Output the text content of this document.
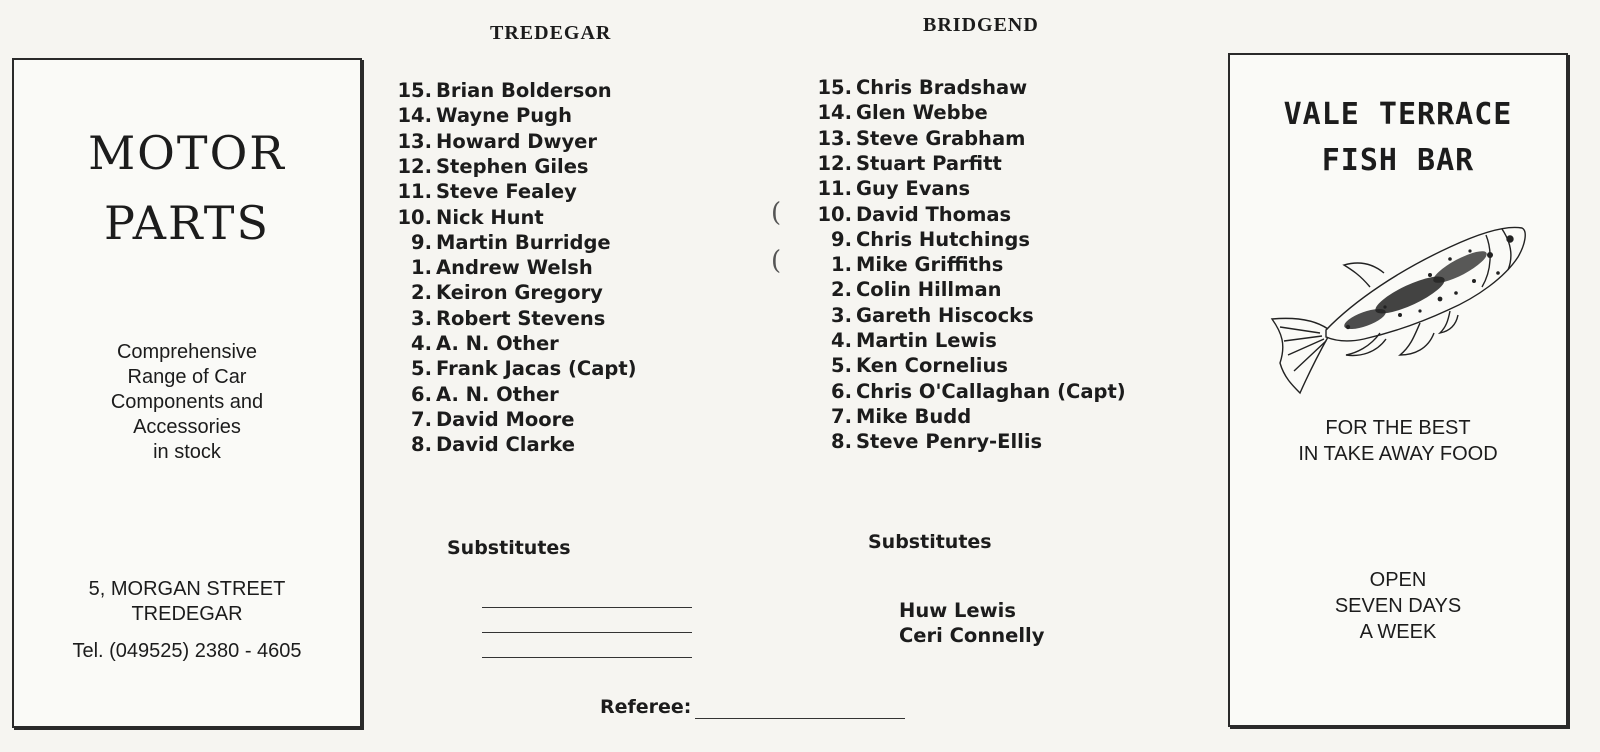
MOTOR
PARTS
Comprehensive
Range of Car
Components and
Accessories
in stock
5, MORGAN STREET
TREDEGAR
Tel. (049525) 2380 - 4605
TREDEGAR
15. Brian Bolderson
14. Wayne Pugh
13. Howard Dwyer
12. Stephen Giles
11. Steve Fealey
10. Nick Hunt
9. Martin Burridge
1. Andrew Welsh
2. Keiron Gregory
3. Robert Stevens
4. A. N. Other
5. Frank Jacas (Capt)
6. A. N. Other
7. David Moore
8. David Clarke
Substitutes
(
(
BRIDGEND
15. Chris Bradshaw
14. Glen Webbe
13. Steve Grabham
12. Stuart Parfitt
11. Guy Evans
10. David Thomas
9. Chris Hutchings
1. Mike Griffiths
2. Colin Hillman
3. Gareth Hiscocks
4. Martin Lewis
5. Ken Cornelius
6. Chris O'Callaghan (Capt)
7. Mike Budd
8. Steve Penry-Ellis
Substitutes
Huw Lewis
Ceri Connelly
Referee:
VALE TERRACE
FISH BAR
FOR THE BEST
IN TAKE AWAY FOOD
OPEN
SEVEN DAYS
A WEEK
